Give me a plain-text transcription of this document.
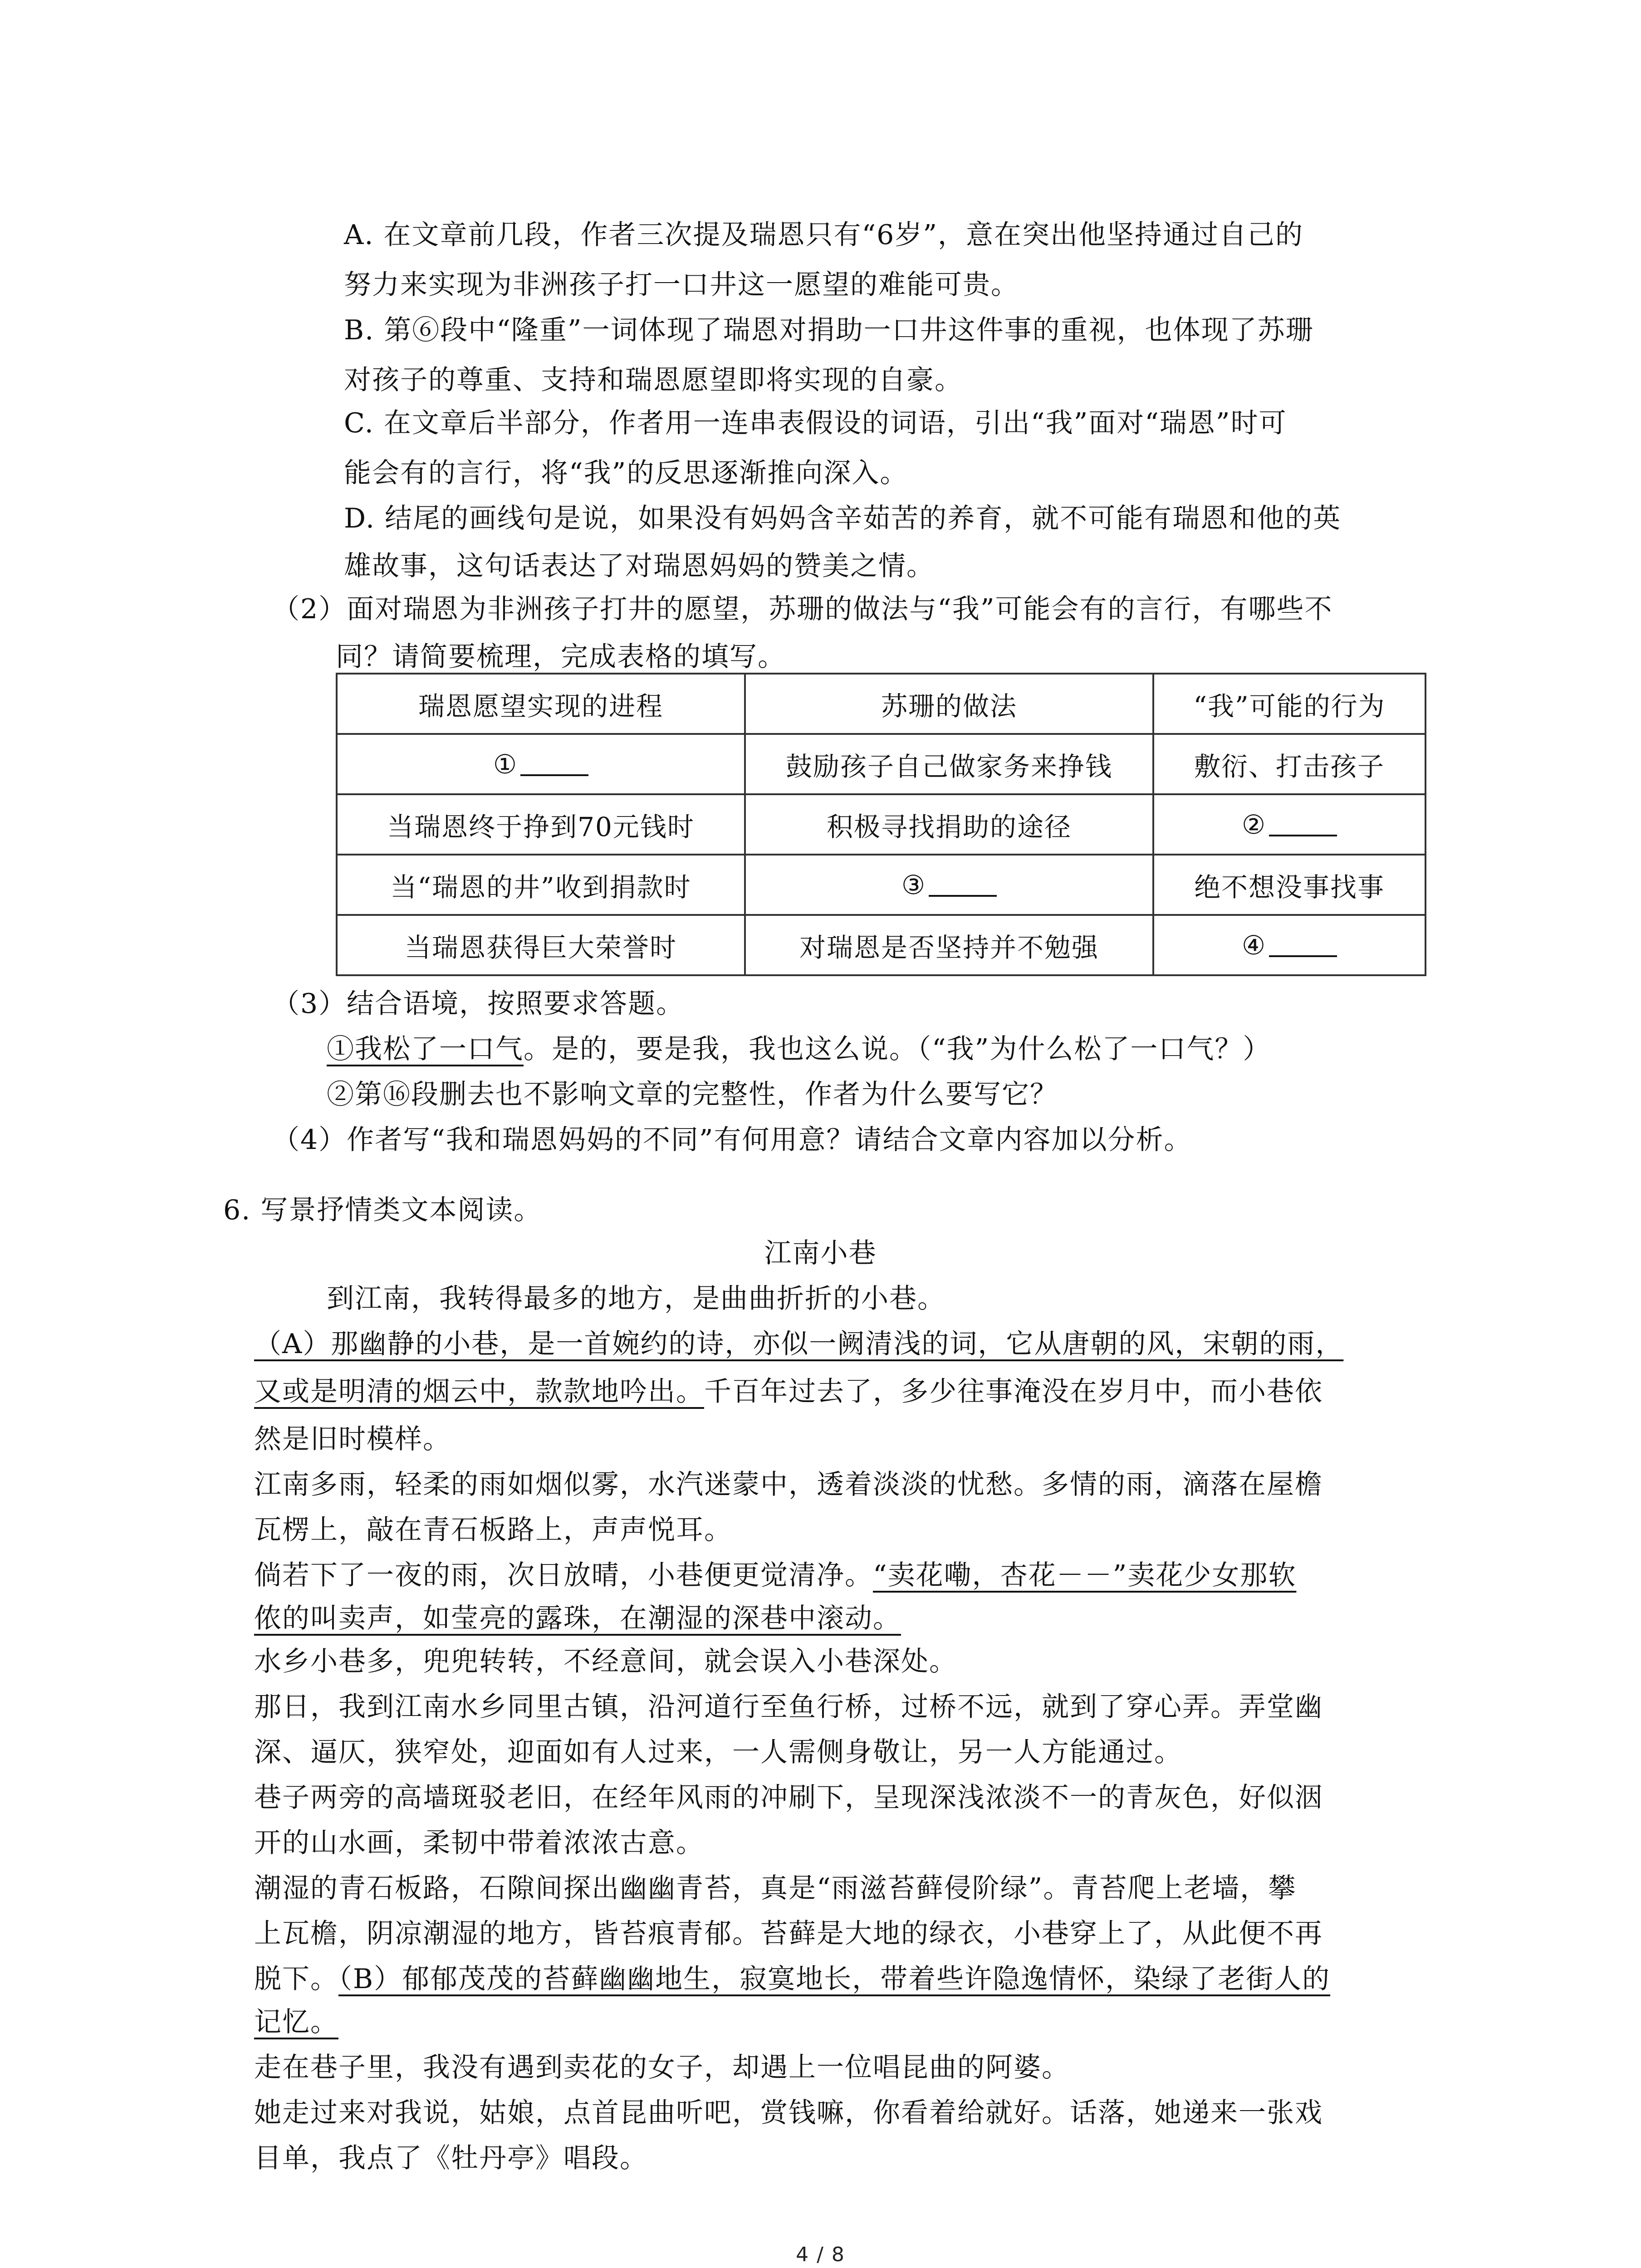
A. 在文章前几段，作者三次提及瑞恩只有“6岁”，意在突出他坚持通过自己的
努力来实现为非洲孩子打一口井这一愿望的难能可贵。
B. 第⑥段中“隆重”一词体现了瑞恩对捐助一口井这件事的重视，也体现了苏珊
对孩子的尊重、支持和瑞恩愿望即将实现的自豪。
C. 在文章后半部分，作者用一连串表假设的词语，引出“我”面对“瑞恩”时可
能会有的言行，将“我”的反思逐渐推向深入。
D. 结尾的画线句是说，如果没有妈妈含辛茹苦的养育，就不可能有瑞恩和他的英
雄故事，这句话表达了对瑞恩妈妈的赞美之情。
（2）面对瑞恩为非洲孩子打井的愿望，苏珊的做法与“我”可能会有的言行，有哪些不
同？请简要梳理，完成表格的填写。
瑞恩愿望实现的进程	苏珊的做法	“我”可能的行为
①	鼓励孩子自己做家务来挣钱	敷衍、打击孩子
当瑞恩终于挣到70元钱时	积极寻找捐助的途径	②
当“瑞恩的井”收到捐款时	③	绝不想没事找事
当瑞恩获得巨大荣誉时	对瑞恩是否坚持并不勉强	④
（3）结合语境，按照要求答题。
①我松了一口气。是的，要是我，我也这么说。（“我”为什么松了一口气？）
②第⑯段删去也不影响文章的完整性，作者为什么要写它？
（4）作者写“我和瑞恩妈妈的不同”有何用意？请结合文章内容加以分析。
6. 写景抒情类文本阅读。
江南小巷
到江南，我转得最多的地方，是曲曲折折的小巷。
（A）那幽静的小巷，是一首婉约的诗，亦似一阙清浅的词，它从唐朝的风，宋朝的雨，
又或是明清的烟云中，款款地吟出。千百年过去了，多少往事淹没在岁月中，而小巷依
然是旧时模样。
江南多雨，轻柔的雨如烟似雾，水汽迷蒙中，透着淡淡的忧愁。多情的雨，滴落在屋檐
瓦楞上，敲在青石板路上，声声悦耳。
倘若下了一夜的雨，次日放晴，小巷便更觉清净。“卖花嘞，杏花－－”卖花少女那软
侬的叫卖声，如莹亮的露珠，在潮湿的深巷中滚动。
水乡小巷多，兜兜转转，不经意间，就会误入小巷深处。
那日，我到江南水乡同里古镇，沿河道行至鱼行桥，过桥不远，就到了穿心弄。弄堂幽
深、逼仄，狭窄处，迎面如有人过来，一人需侧身敬让，另一人方能通过。
巷子两旁的高墙斑驳老旧，在经年风雨的冲刷下，呈现深浅浓淡不一的青灰色，好似洇
开的山水画，柔韧中带着浓浓古意。
潮湿的青石板路，石隙间探出幽幽青苔，真是“雨滋苔藓侵阶绿”。青苔爬上老墙，攀
上瓦檐，阴凉潮湿的地方，皆苔痕青郁。苔藓是大地的绿衣，小巷穿上了，从此便不再
脱下。（B）郁郁茂茂的苔藓幽幽地生，寂寞地长，带着些许隐逸情怀，染绿了老街人的
记忆。
走在巷子里，我没有遇到卖花的女子，却遇上一位唱昆曲的阿婆。
她走过来对我说，姑娘，点首昆曲听吧，赏钱嘛，你看着给就好。话落，她递来一张戏
目单，我点了《牡丹亭》唱段。
4 / 8
